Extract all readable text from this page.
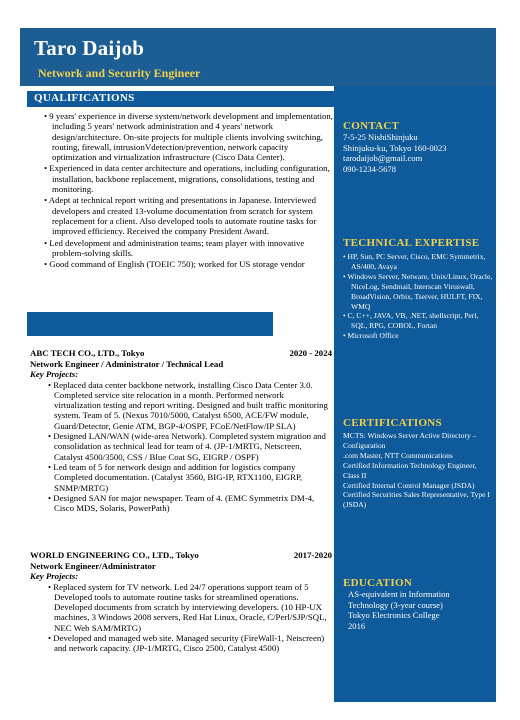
Taro Daijob
Network and Security Engineer
QUALIFICATIONS
• 9 years' experience in diverse system/network development and implementation, including 5 years' network administration and 4 years' network design/architecture. On-site projects for multiple clients involving switching, routing, firewall, intrusionVdetection/prevention, network capacity optimization and virtualization infrastructure (Cisco Data Center).
• Experienced in data center architecture and operations, including configuration, installation, backbone replacement, migrations, consolidations, testing and monitoring.
• Adept at technical report writing and presentations in Japanese. Interviewed developers and created 13-volume documentation from scratch for system replacement for a client. Also developed tools to automate routine tasks for improved efficiency. Received the company President Award.
• Led development and administration teams; team player with innovative problem-solving skills.
• Good command of English (TOEIC 750); worked for US storage vendor
ABC TECH CO., LTD., Tokyo	2020 - 2024
Network Engineer / Administrator / Technical Lead
Key Projects:
• Replaced data center backbone network, installing Cisco Data Center 3.0. Completed service site relocation in a month. Performed network virtualization testing and report writing. Designed and built traffic monitoring system. Team of 5. (Nexus 7010/5000, Catalyst 6500, ACE/FW module, Guard/Detector, Genie ATM, BGP-4/OSPF, FCoE/NetFlow/IP SLA)
• Designed LAN/WAN (wide-area Network). Completed system migration and consolidation as technical lead for team of 4. (JP-1/MRTG, Netscreen, Catalyst 4500/3500, CSS / Blue Coat SG, EIGRP / OSPF)
• Led team of 5 for network design and addition for logistics company Completed documentation. (Catalyst 3560, BIG-IP, RTX1100, EIGRP, SNMP/MRTG)
• Designed SAN for major newspaper. Team of 4. (EMC Symmetrix DM-4, Cisco MDS, Solaris, PowerPath)
WORLD ENGINEERING CO., LTD., Tokyo	2017-2020
Network Engineer/Administrator
Key Projects:
• Replaced system for TV network. Led 24/7 operations support team of 5 Developed tools to automate routine tasks for streamlined operations. Developed documents from scratch by interviewing developers. (10 HP-UX machines, 3 Windows 2008 servers, Red Hat Linux, Oracle, C/Perl/SJP/SQL, NEC Web SAM/MRTG)
• Developed and managed web site. Managed security (FireWall-1, Netscreen) and network capacity. (JP-1/MRTG, Cisco 2500, Catalyst 4500)
CONTACT
7-5-25 NishiShinjuku
Shinjuku-ku, Tokyo 160-0023
tarodaijob@gmail.com
090-1234-5678
TECHNICAL EXPERTISE
• HP, Sun, PC Server, Cisco, EMC Symmetrix, AS/400, Avaya
• Windows Server, Netware, Unix/Linux, Oracle, NiceLog, Sendmail, Interscan Viruswall, BroadVision, Orbix, Tserver, HULFT, FIX, WMQ
• C, C++, JAVA, VB, .NET, shellscript, Perl, SQL, RPG, COBOL, Fortan
• Microsoft Office
CERTIFICATIONS
MCTS: Windows Server Active Directory – Configuration
.com Master, NTT Communications
Certified Information Technology Engineer, Class II
Certified Internal Control Manager (JSDA)
Certified Securities Sales Representative, Type I (JSDA)
EDUCATION
AS-equivalent in Information Technology (3-year course)
Tokyo Electronics College
2016
